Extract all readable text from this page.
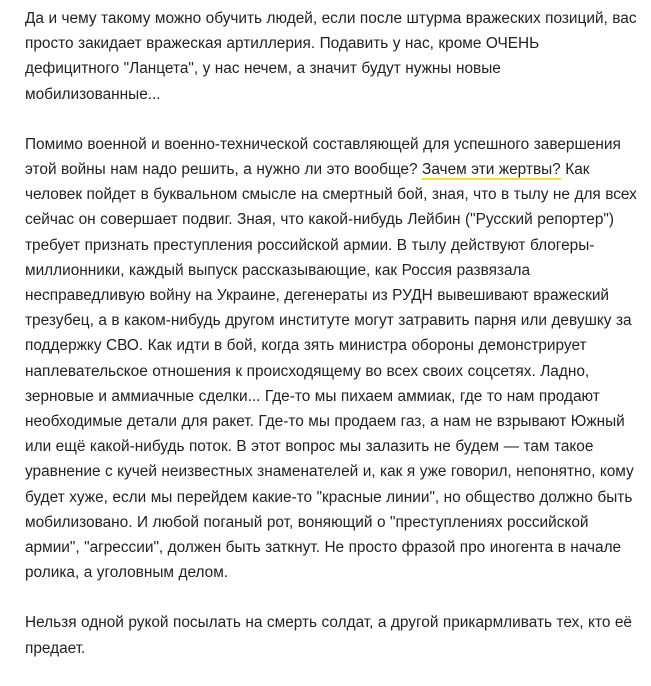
Да и чему такому можно обучить людей, если после штурма вражеских позиций, вас просто закидает вражеская артиллерия. Подавить у нас, кроме ОЧЕНЬ дефицитного "Ланцета", у нас нечем, а значит будут нужны новые мобилизованные...

Помимо военной и военно-технической составляющей для успешного завершения этой войны нам надо решить, а нужно ли это вообще? Зачем эти жертвы? Как человек пойдет в буквальном смысле на смертный бой, зная, что в тылу не для всех сейчас он совершает подвиг. Зная, что какой-нибудь Лейбин ("Русский репортер") требует признать преступления российской армии. В тылу действуют блогеры-миллионники, каждый выпуск рассказывающие, как Россия развязала несправедливую войну на Украине, дегенераты из РУДН вывешивают вражеский трезубец, а в каком-нибудь другом институте могут затравить парня или девушку за поддержку СВО. Как идти в бой, когда зять министра обороны демонстрирует наплевательское отношения к происходящему во всех своих соцсетях. Ладно, зерновые и аммиачные сделки... Где-то мы пихаем аммиак, где то нам продают необходимые детали для ракет. Где-то мы продаем газ, а нам не взрывают Южный или ещё какой-нибудь поток. В этот вопрос мы залазить не будем — там такое уравнение с кучей неизвестных знаменателей и, как я уже говорил, непонятно, кому будет хуже, если мы перейдем какие-то "красные линии", но общество должно быть мобилизовано. И любой поганый рот, воняющий о "преступлениях российской армии", "агрессии", должен быть заткнут. Не просто фразой про иногента в начале ролика, а уголовным делом.

Нельзя одной рукой посылать на смерть солдат, а другой прикармливать тех, кто её предает.
